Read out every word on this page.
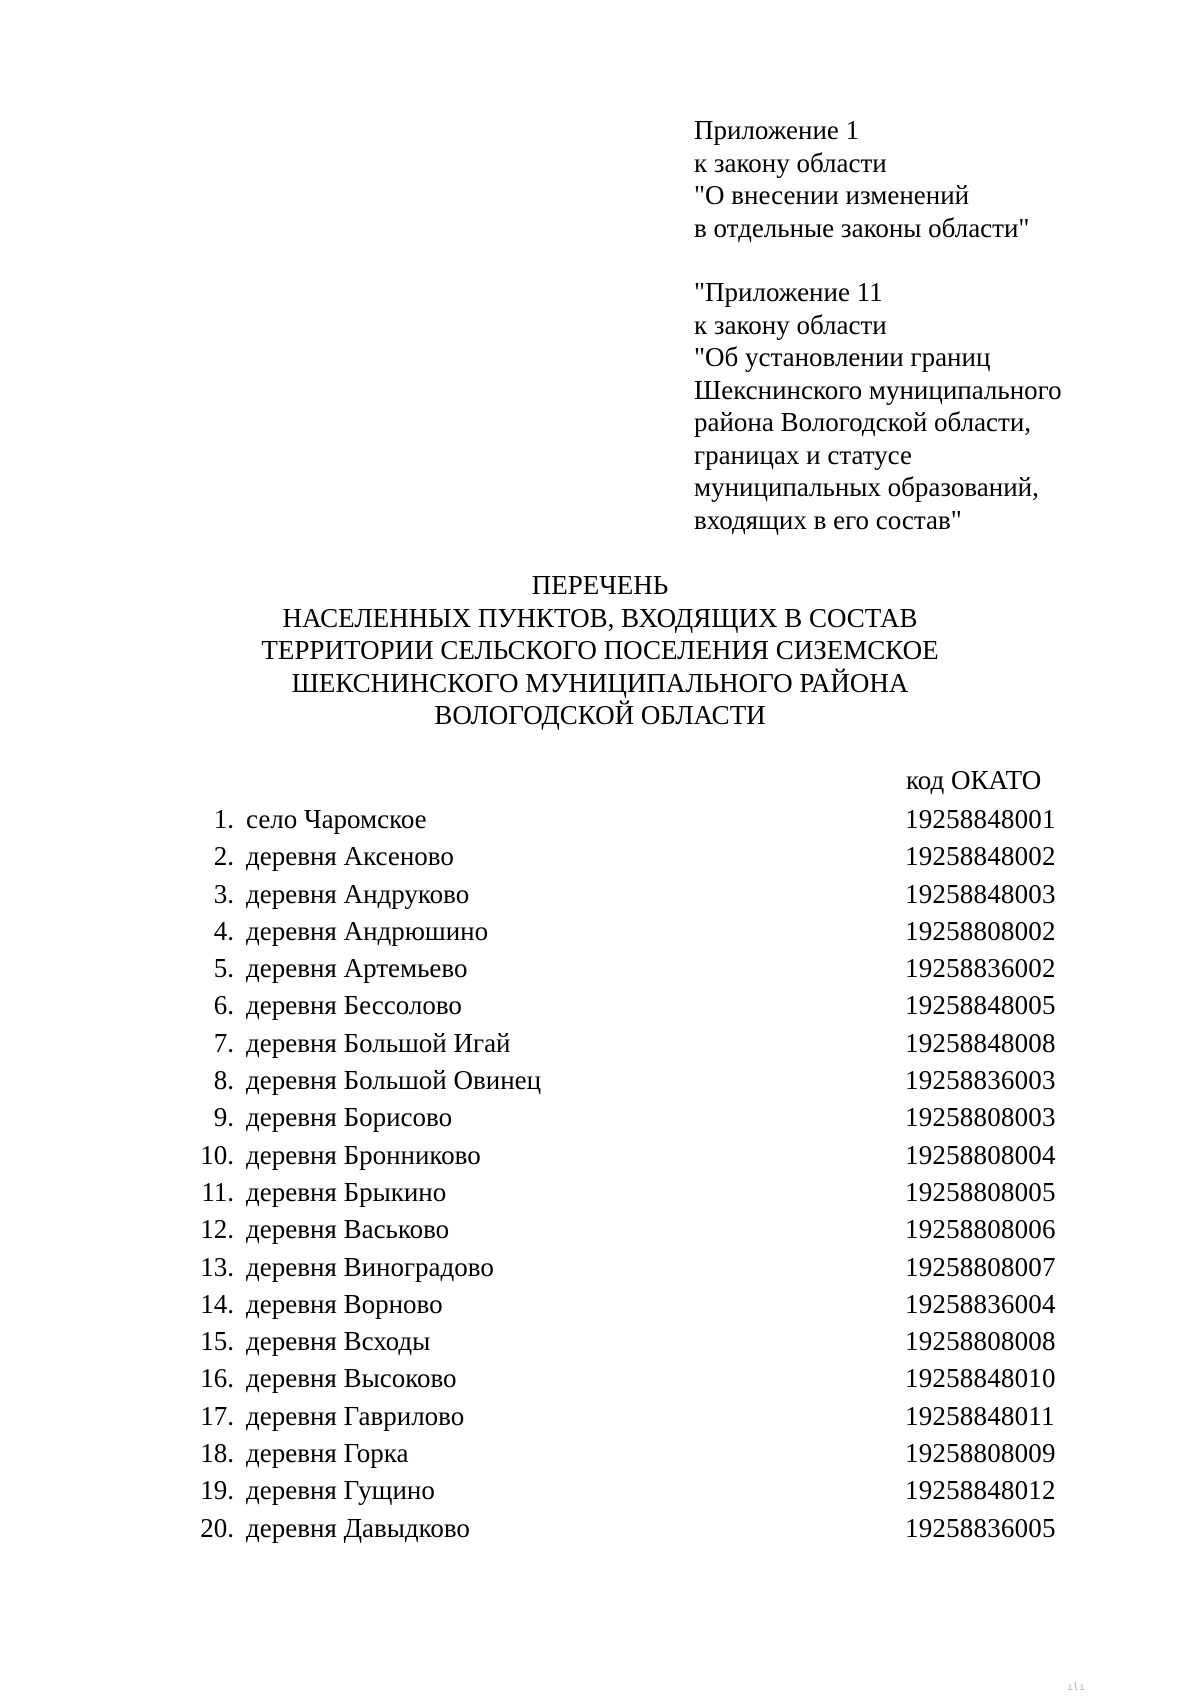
Приложение 1
к закону области
"О внесении изменений
в отдельные законы области"
"Приложение 11
к закону области
"Об установлении границ
Шекснинского муниципального
района Вологодской области,
границах и статусе
муниципальных образований,
входящих в его состав"
ПЕРЕЧЕНЬ
НАСЕЛЕННЫХ ПУНКТОВ, ВХОДЯЩИХ В СОСТАВ
ТЕРРИТОРИИ СЕЛЬСКОГО ПОСЕЛЕНИЯ СИЗЕМСКОЕ
ШЕКСНИНСКОГО МУНИЦИПАЛЬНОГО РАЙОНА
ВОЛОГОДСКОЙ ОБЛАСТИ
код ОКАТО
1. село Чаромское	19258848001
2. деревня Аксеново	19258848002
3. деревня Андруково	19258848003
4. деревня Андрюшино	19258808002
5. деревня Артемьево	19258836002
6. деревня Бессолово	19258848005
7. деревня Большой Игай	19258848008
8. деревня Большой Овинец	19258836003
9. деревня Борисово	19258808003
10. деревня Бронниково	19258808004
11. деревня Брыкино	19258808005
12. деревня Васьково	19258808006
13. деревня Виноградово	19258808007
14. деревня Ворново	19258836004
15. деревня Всходы	19258808008
16. деревня Высоково	19258848010
17. деревня Гаврилово	19258848011
18. деревня Горка	19258808009
19. деревня Гущино	19258848012
20. деревня Давыдково	19258836005
ılı
